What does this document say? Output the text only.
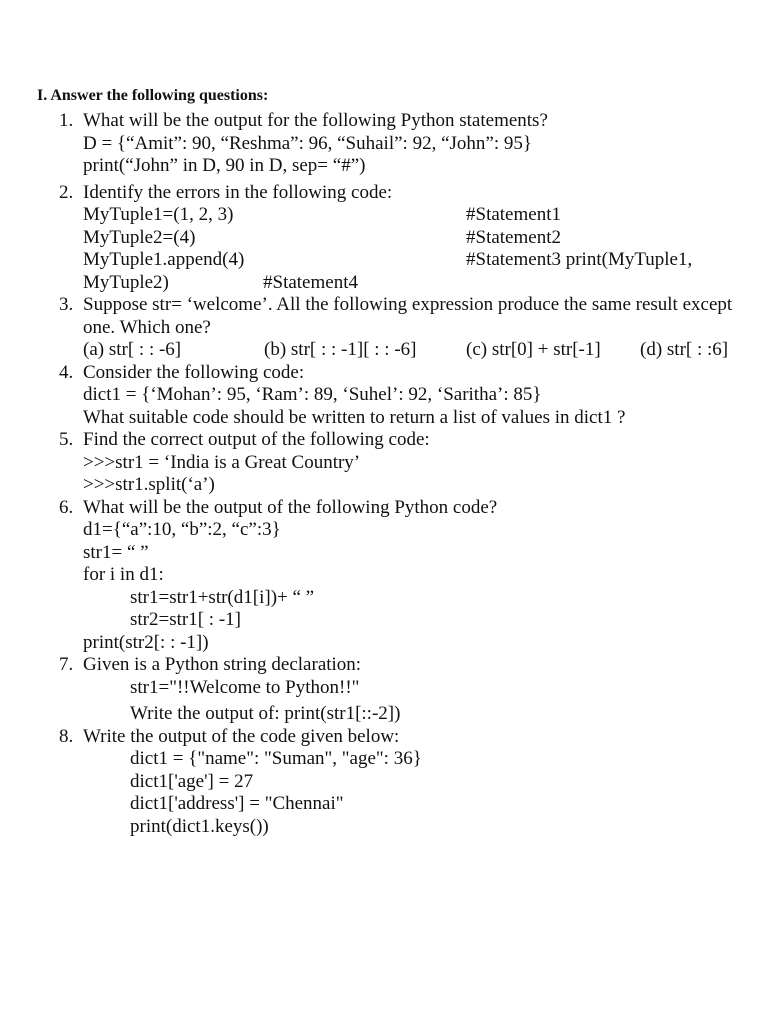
I. Answer the following questions:
1. What will be the output for the following Python statements?
D = {“Amit”: 90, “Reshma”: 96, “Suhail”: 92, “John”: 95}
print(“John” in D, 90 in D, sep= “#”)
2. Identify the errors in the following code:
MyTuple1=(1, 2, 3)	#Statement1
MyTuple2=(4)	#Statement2
MyTuple1.append(4)	#Statement3 print(MyTuple1,
MyTuple2)	#Statement4
3. Suppose str= ‘welcome’. All the following expression produce the same result except one. Which one?
(a) str[ : : -6]	(b) str[ : : -1][ : : -6]	(c) str[0] + str[-1] (d) str[ : :6]
4. Consider the following code:
dict1 = {‘Mohan’: 95, ‘Ram’: 89, ‘Suhel’: 92, ‘Saritha’: 85}
What suitable code should be written to return a list of values in dict1 ?
5. Find the correct output of the following code:
>>>str1 = ‘India is a Great Country’
>>>str1.split(‘a’)
6. What will be the output of the following Python code?
d1={“a”:10, “b”:2, “c”:3}
str1= “ ”
for i in d1:
str1=str1+str(d1[i])+ “ ”
str2=str1[ : -1]
print(str2[: : -1])
7. Given is a Python string declaration:
str1="!!Welcome to Python!!"
Write the output of: print(str1[::-2])
8. Write the output of the code given below:
dict1 = {"name": "Suman", "age": 36}
dict1['age'] = 27
dict1['address'] = "Chennai"
print(dict1.keys())
